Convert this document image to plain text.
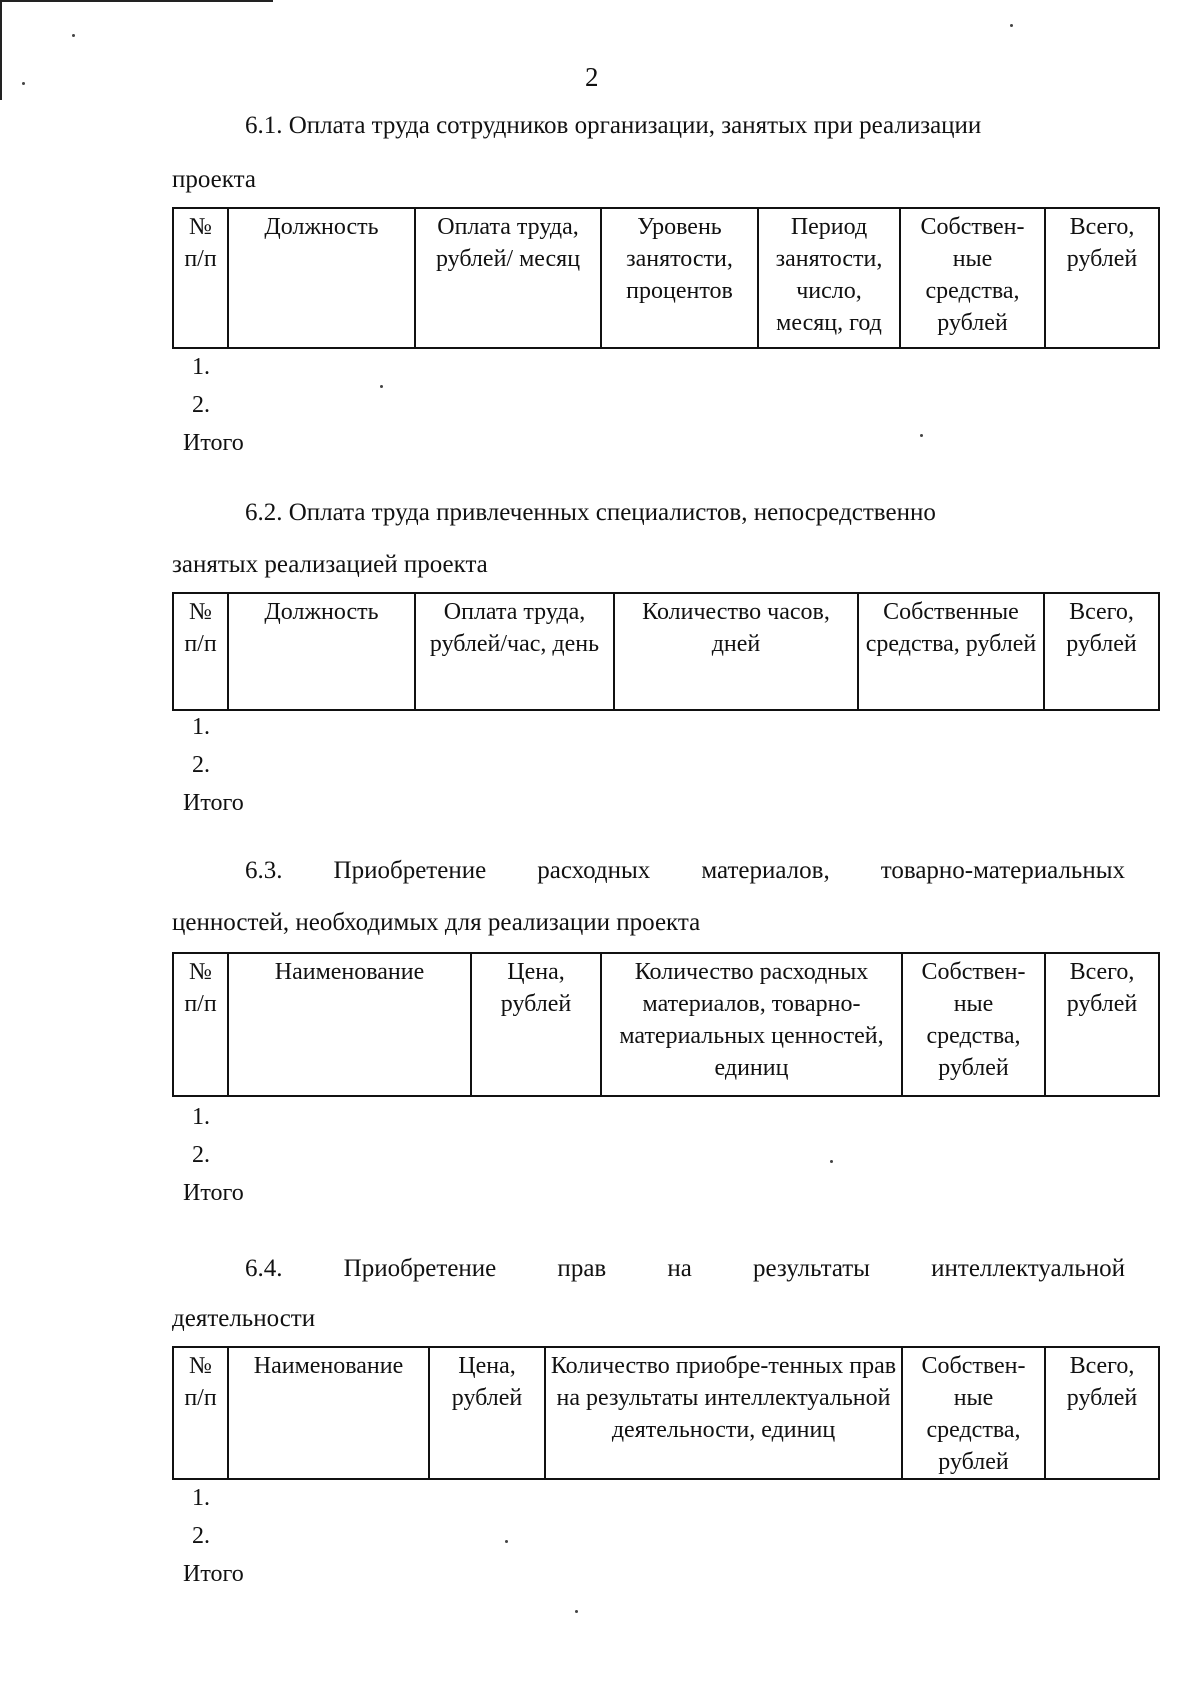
2
6.1. Оплата труда сотрудников организации, занятых при реализации
проекта
№ п/п	Должность	Оплата труда, рублей/ месяц	Уровень занятости, процентов	Период занятости, число, месяц, год	Собствен-ные средства, рублей	Всего, рублей
1.
2.
Итого
6.2. Оплата труда привлеченных специалистов, непосредственно
занятых реализацией проекта
№ п/п	Должность	Оплата труда, рублей/час, день	Количество часов, дней	Собственные средства, рублей	Всего, рублей
1.
2.
Итого
6.3. Приобретение расходных материалов, товарно-материальных
ценностей, необходимых для реализации проекта
№ п/п	Наименование	Цена, рублей	Количество расходных материалов, товарно-материальных ценностей, единиц	Собствен-ные средства, рублей	Всего, рублей
1.
2.
Итого
6.4. Приобретение прав на результаты интеллектуальной
деятельности
№ п/п	Наименование	Цена, рублей	Количество приобре-тенных прав на результаты интеллектуальной деятельности, единиц	Собствен-ные средства, рублей	Всего, рублей
1.
2.
Итого
